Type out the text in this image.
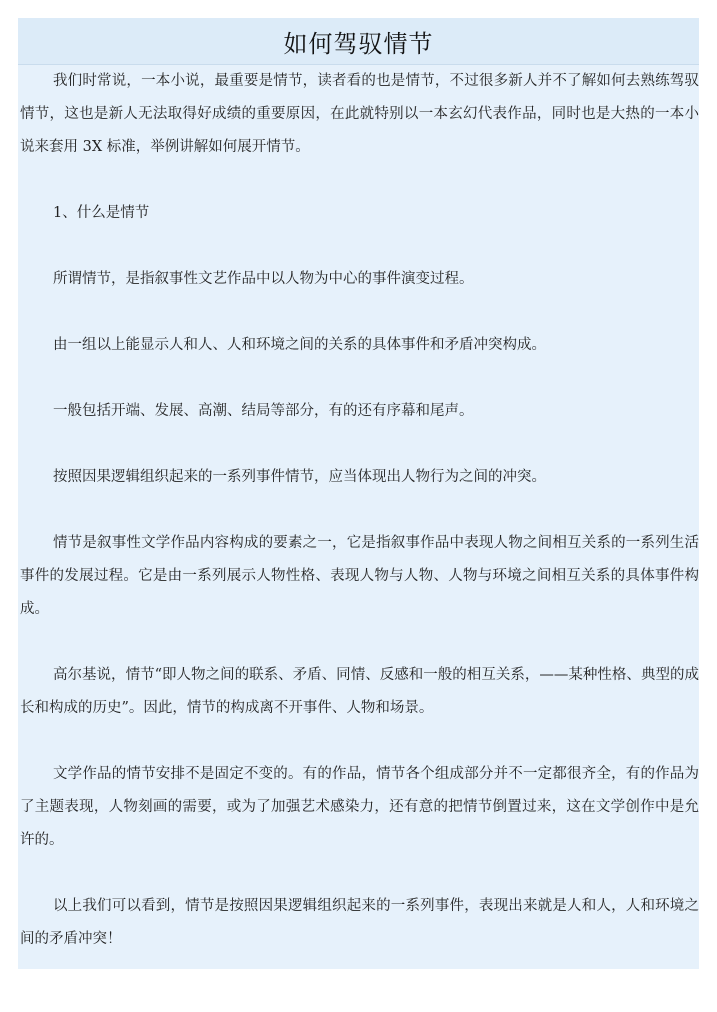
如何驾驭情节

我们时常说，一本小说，最重要是情节，读者看的也是情节，不过很多新人并不了解如何去熟练驾驭情节，这也是新人无法取得好成绩的重要原因，在此就特别以一本玄幻代表作品，同时也是大热的一本小说来套用 3X 标准，举例讲解如何展开情节。

1、什么是情节

所谓情节，是指叙事性文艺作品中以人物为中心的事件演变过程。

由一组以上能显示人和人、人和环境之间的关系的具体事件和矛盾冲突构成。

一般包括开端、发展、高潮、结局等部分，有的还有序幕和尾声。

按照因果逻辑组织起来的一系列事件情节，应当体现出人物行为之间的冲突。

情节是叙事性文学作品内容构成的要素之一，它是指叙事作品中表现人物之间相互关系的一系列生活事件的发展过程。它是由一系列展示人物性格、表现人物与人物、人物与环境之间相互关系的具体事件构成。

高尔基说，情节“即人物之间的联系、矛盾、同情、反感和一般的相互关系，——某种性格、典型的成长和构成的历史”。因此，情节的构成离不开事件、人物和场景。

文学作品的情节安排不是固定不变的。有的作品，情节各个组成部分并不一定都很齐全，有的作品为了主题表现，人物刻画的需要，或为了加强艺术感染力，还有意的把情节倒置过来，这在文学创作中是允许的。

以上我们可以看到，情节是按照因果逻辑组织起来的一系列事件，表现出来就是人和人，人和环境之间的矛盾冲突！
